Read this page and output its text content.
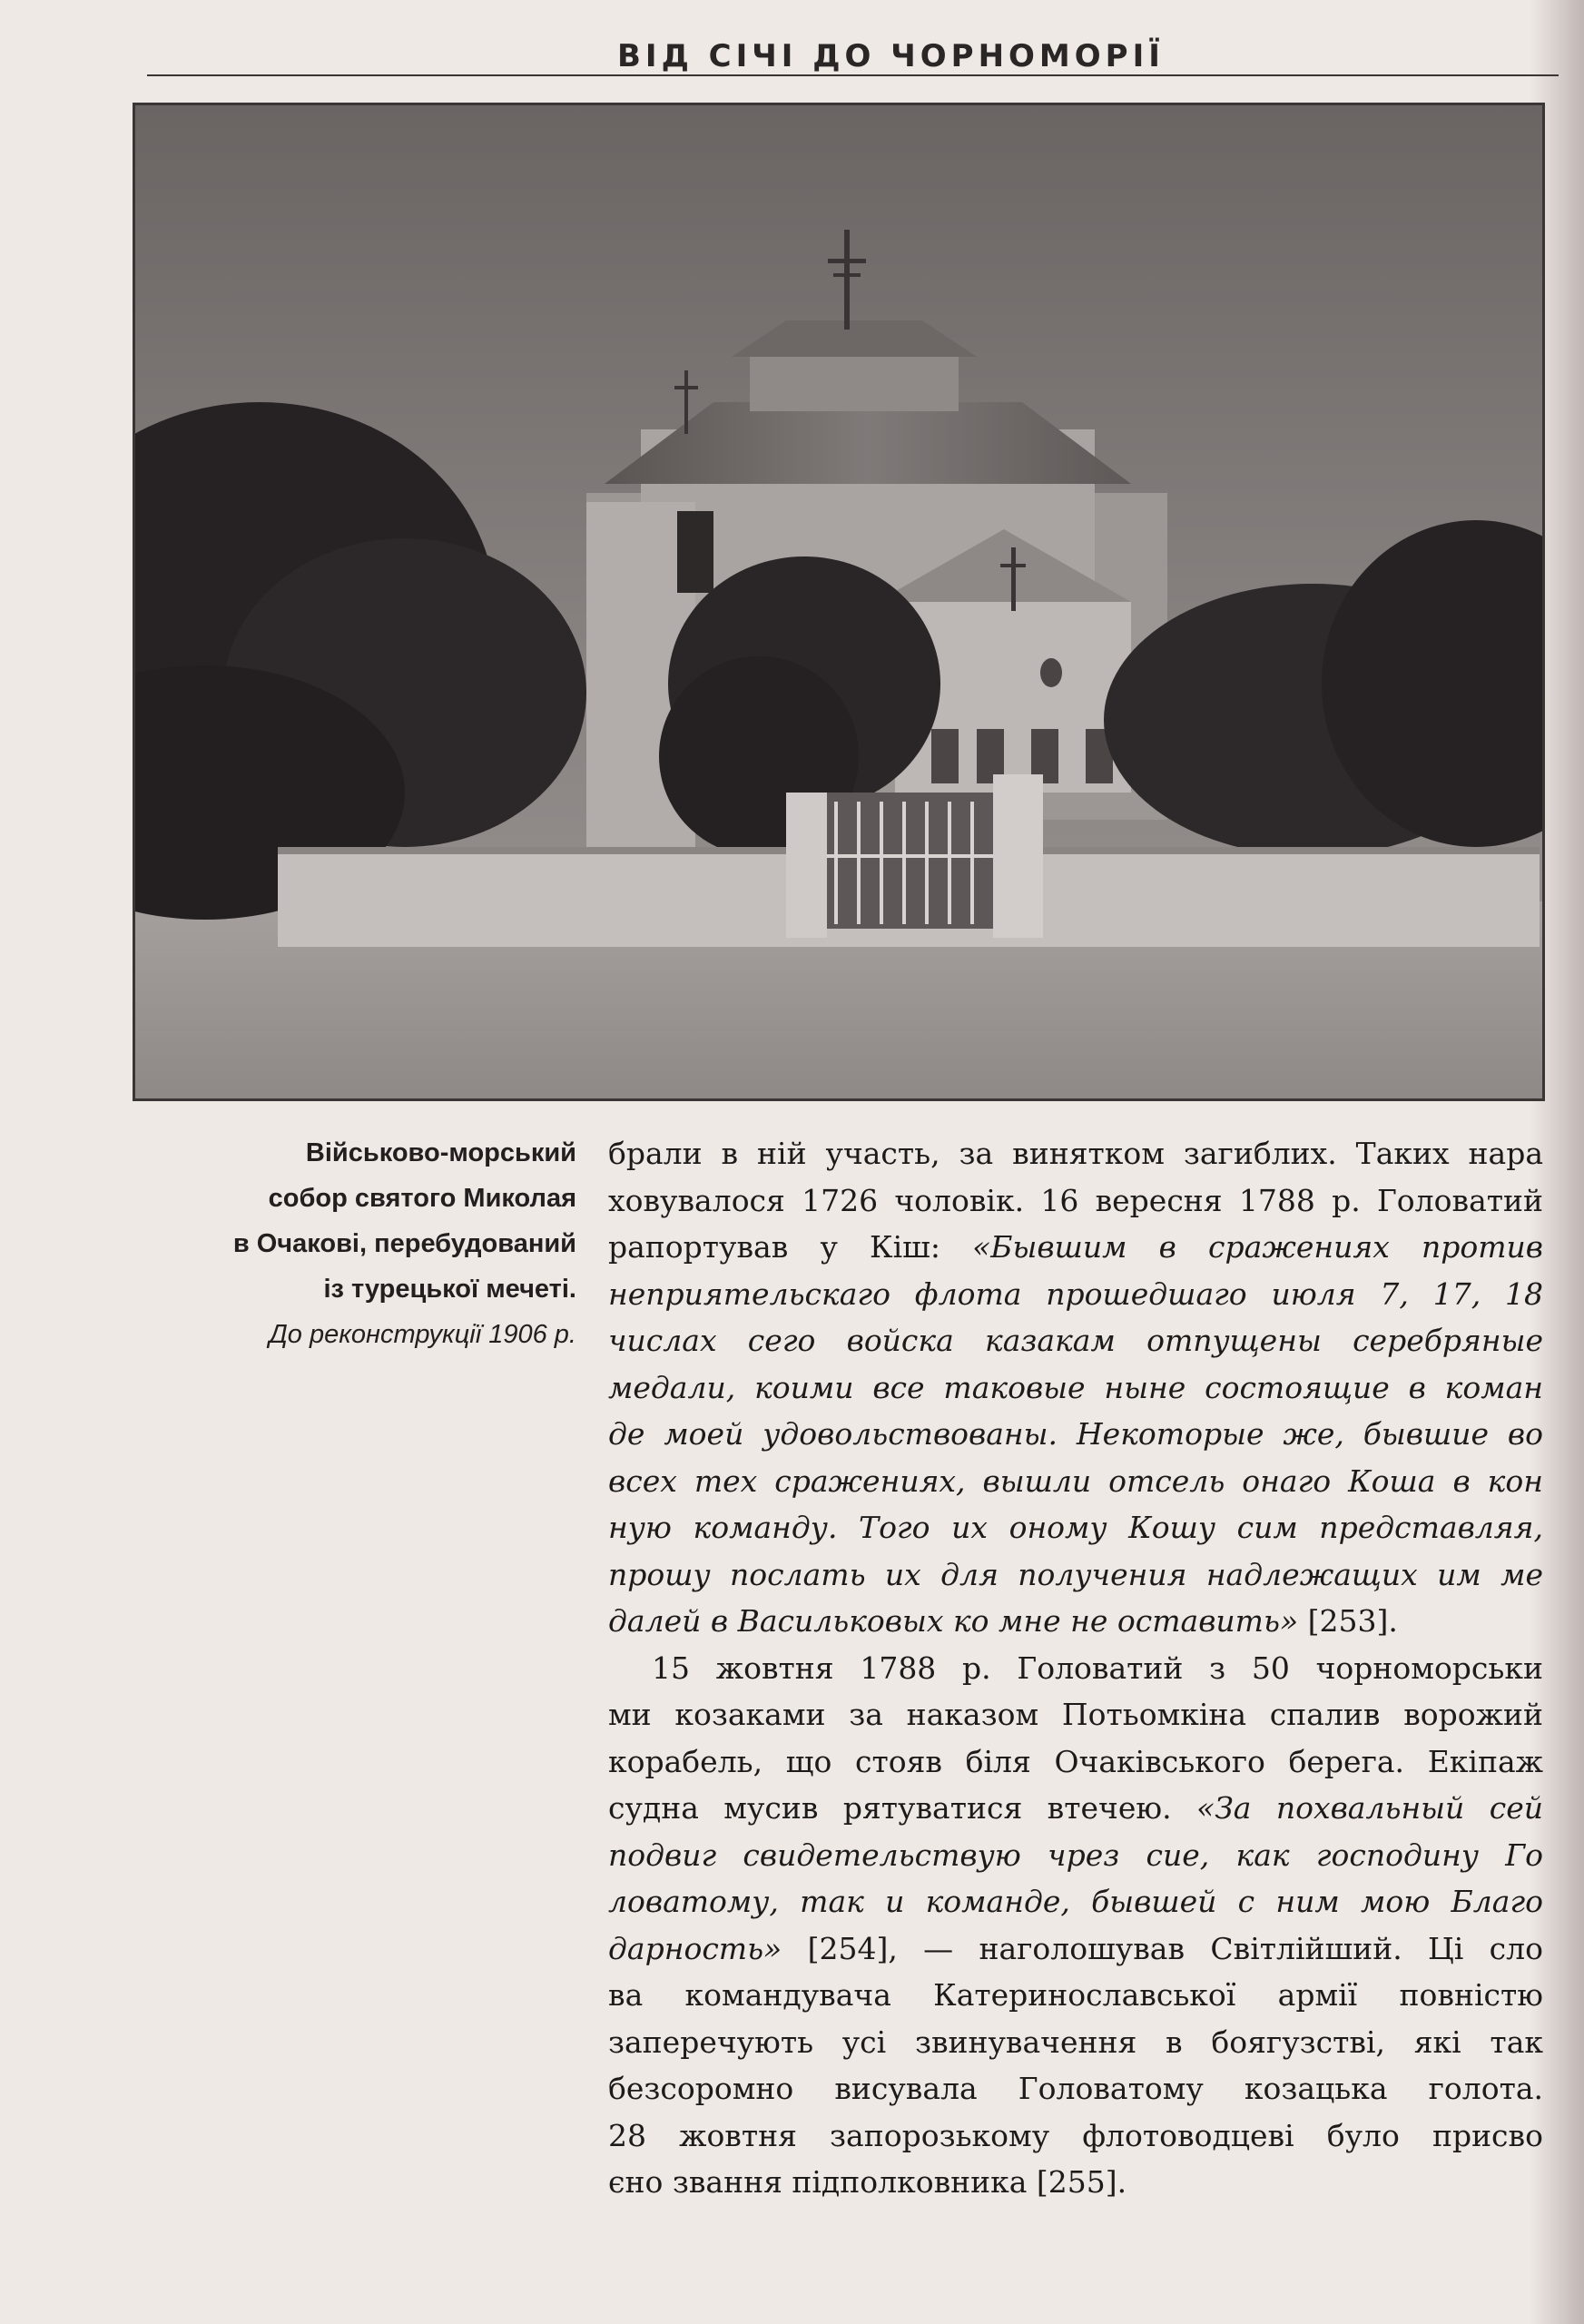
ВІД СІЧІ ДО ЧОРНОМОРІЇ
Військово-морський
собор святого Миколая
в Очакові, перебудований
із турецької мечеті.
До реконструкції 1906 р.
брали в ній участь, за винятком загиблих. Таких нара
ховувалося 1726 чоловік. 16 вересня 1788 р. Головатий
рапортував у Кіш: «Бывшим в сражениях против
неприятельскаго флота прошедшаго июля 7, 17, 18
числах сего войска казакам отпущены серебряные
медали, коими все таковые ныне состоящие в коман
де моей удовольствованы. Некоторые же, бывшие во
всех тех сражениях, вышли отсель онаго Коша в кон
ную команду. Того их оному Кошу сим представляя,
прошу послать их для получения надлежащих им ме
далей в Васильковых ко мне не оставить» [253].
15 жовтня 1788 р. Головатий з 50 чорноморськи
ми козаками за наказом Потьомкіна спалив ворожий
корабель, що стояв біля Очаківського берега. Екіпаж
судна мусив рятуватися втечею. «За похвальный сей
подвиг свидетельствую чрез сие, как господину Го
ловатому, так и команде, бывшей с ним мою Благо
дарность» [254], — наголошував Світлійший. Ці сло
ва командувача Катеринославської армії повністю
заперечують усі звинувачення в боягузстві, які так
безсоромно висувала Головатому козацька голота.
28 жовтня запорозькому флотоводцеві було присво
єно звання підполковника [255].
